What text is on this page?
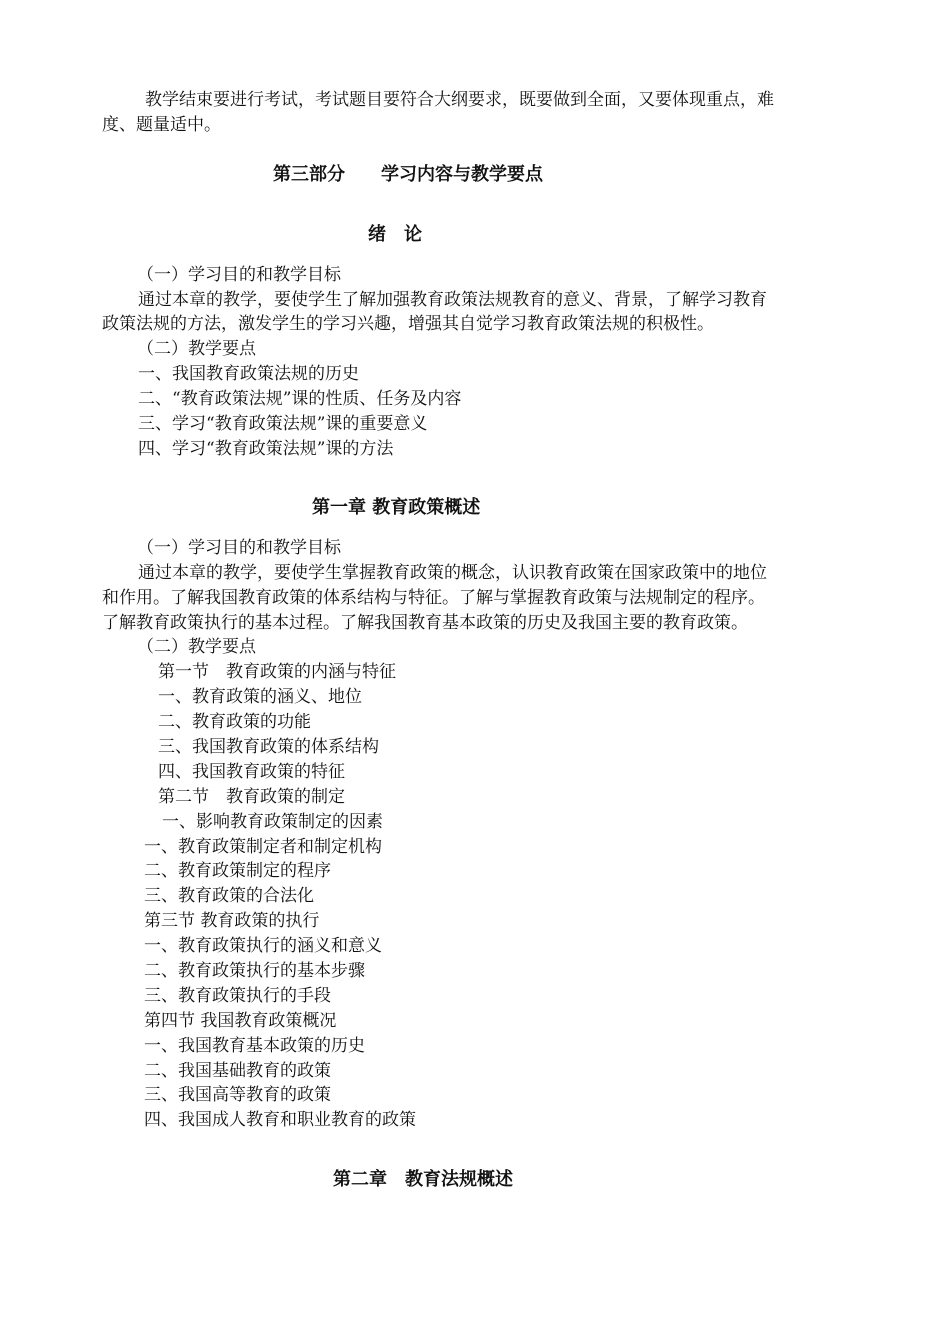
教学结束要进行考试，考试题目要符合大纲要求，既要做到全面，又要体现重点，难
度、题量适中。
第三部分　　学习内容与教学要点
绪　论
（一）学习目的和教学目标
通过本章的教学，要使学生了解加强教育政策法规教育的意义、背景，了解学习教育
政策法规的方法，激发学生的学习兴趣，增强其自觉学习教育政策法规的积极性。
（二）教学要点
一、我国教育政策法规的历史
二、“教育政策法规”课的性质、任务及内容
三、学习“教育政策法规”课的重要意义
四、学习“教育政策法规”课的方法
第一章 教育政策概述
（一）学习目的和教学目标
通过本章的教学，要使学生掌握教育政策的概念，认识教育政策在国家政策中的地位
和作用。了解我国教育政策的体系结构与特征。了解与掌握教育政策与法规制定的程序。
了解教育政策执行的基本过程。了解我国教育基本政策的历史及我国主要的教育政策。
（二）教学要点
第一节　教育政策的内涵与特征
一、教育政策的涵义、地位
二、教育政策的功能
三、我国教育政策的体系结构
四、我国教育政策的特征
第二节　教育政策的制定
一、影响教育政策制定的因素
一、教育政策制定者和制定机构
二、教育政策制定的程序
三、教育政策的合法化
第三节 教育政策的执行
一、教育政策执行的涵义和意义
二、教育政策执行的基本步骤
三、教育政策执行的手段
第四节 我国教育政策概况
一、我国教育基本政策的历史
二、我国基础教育的政策
三、我国高等教育的政策
四、我国成人教育和职业教育的政策
第二章　教育法规概述
